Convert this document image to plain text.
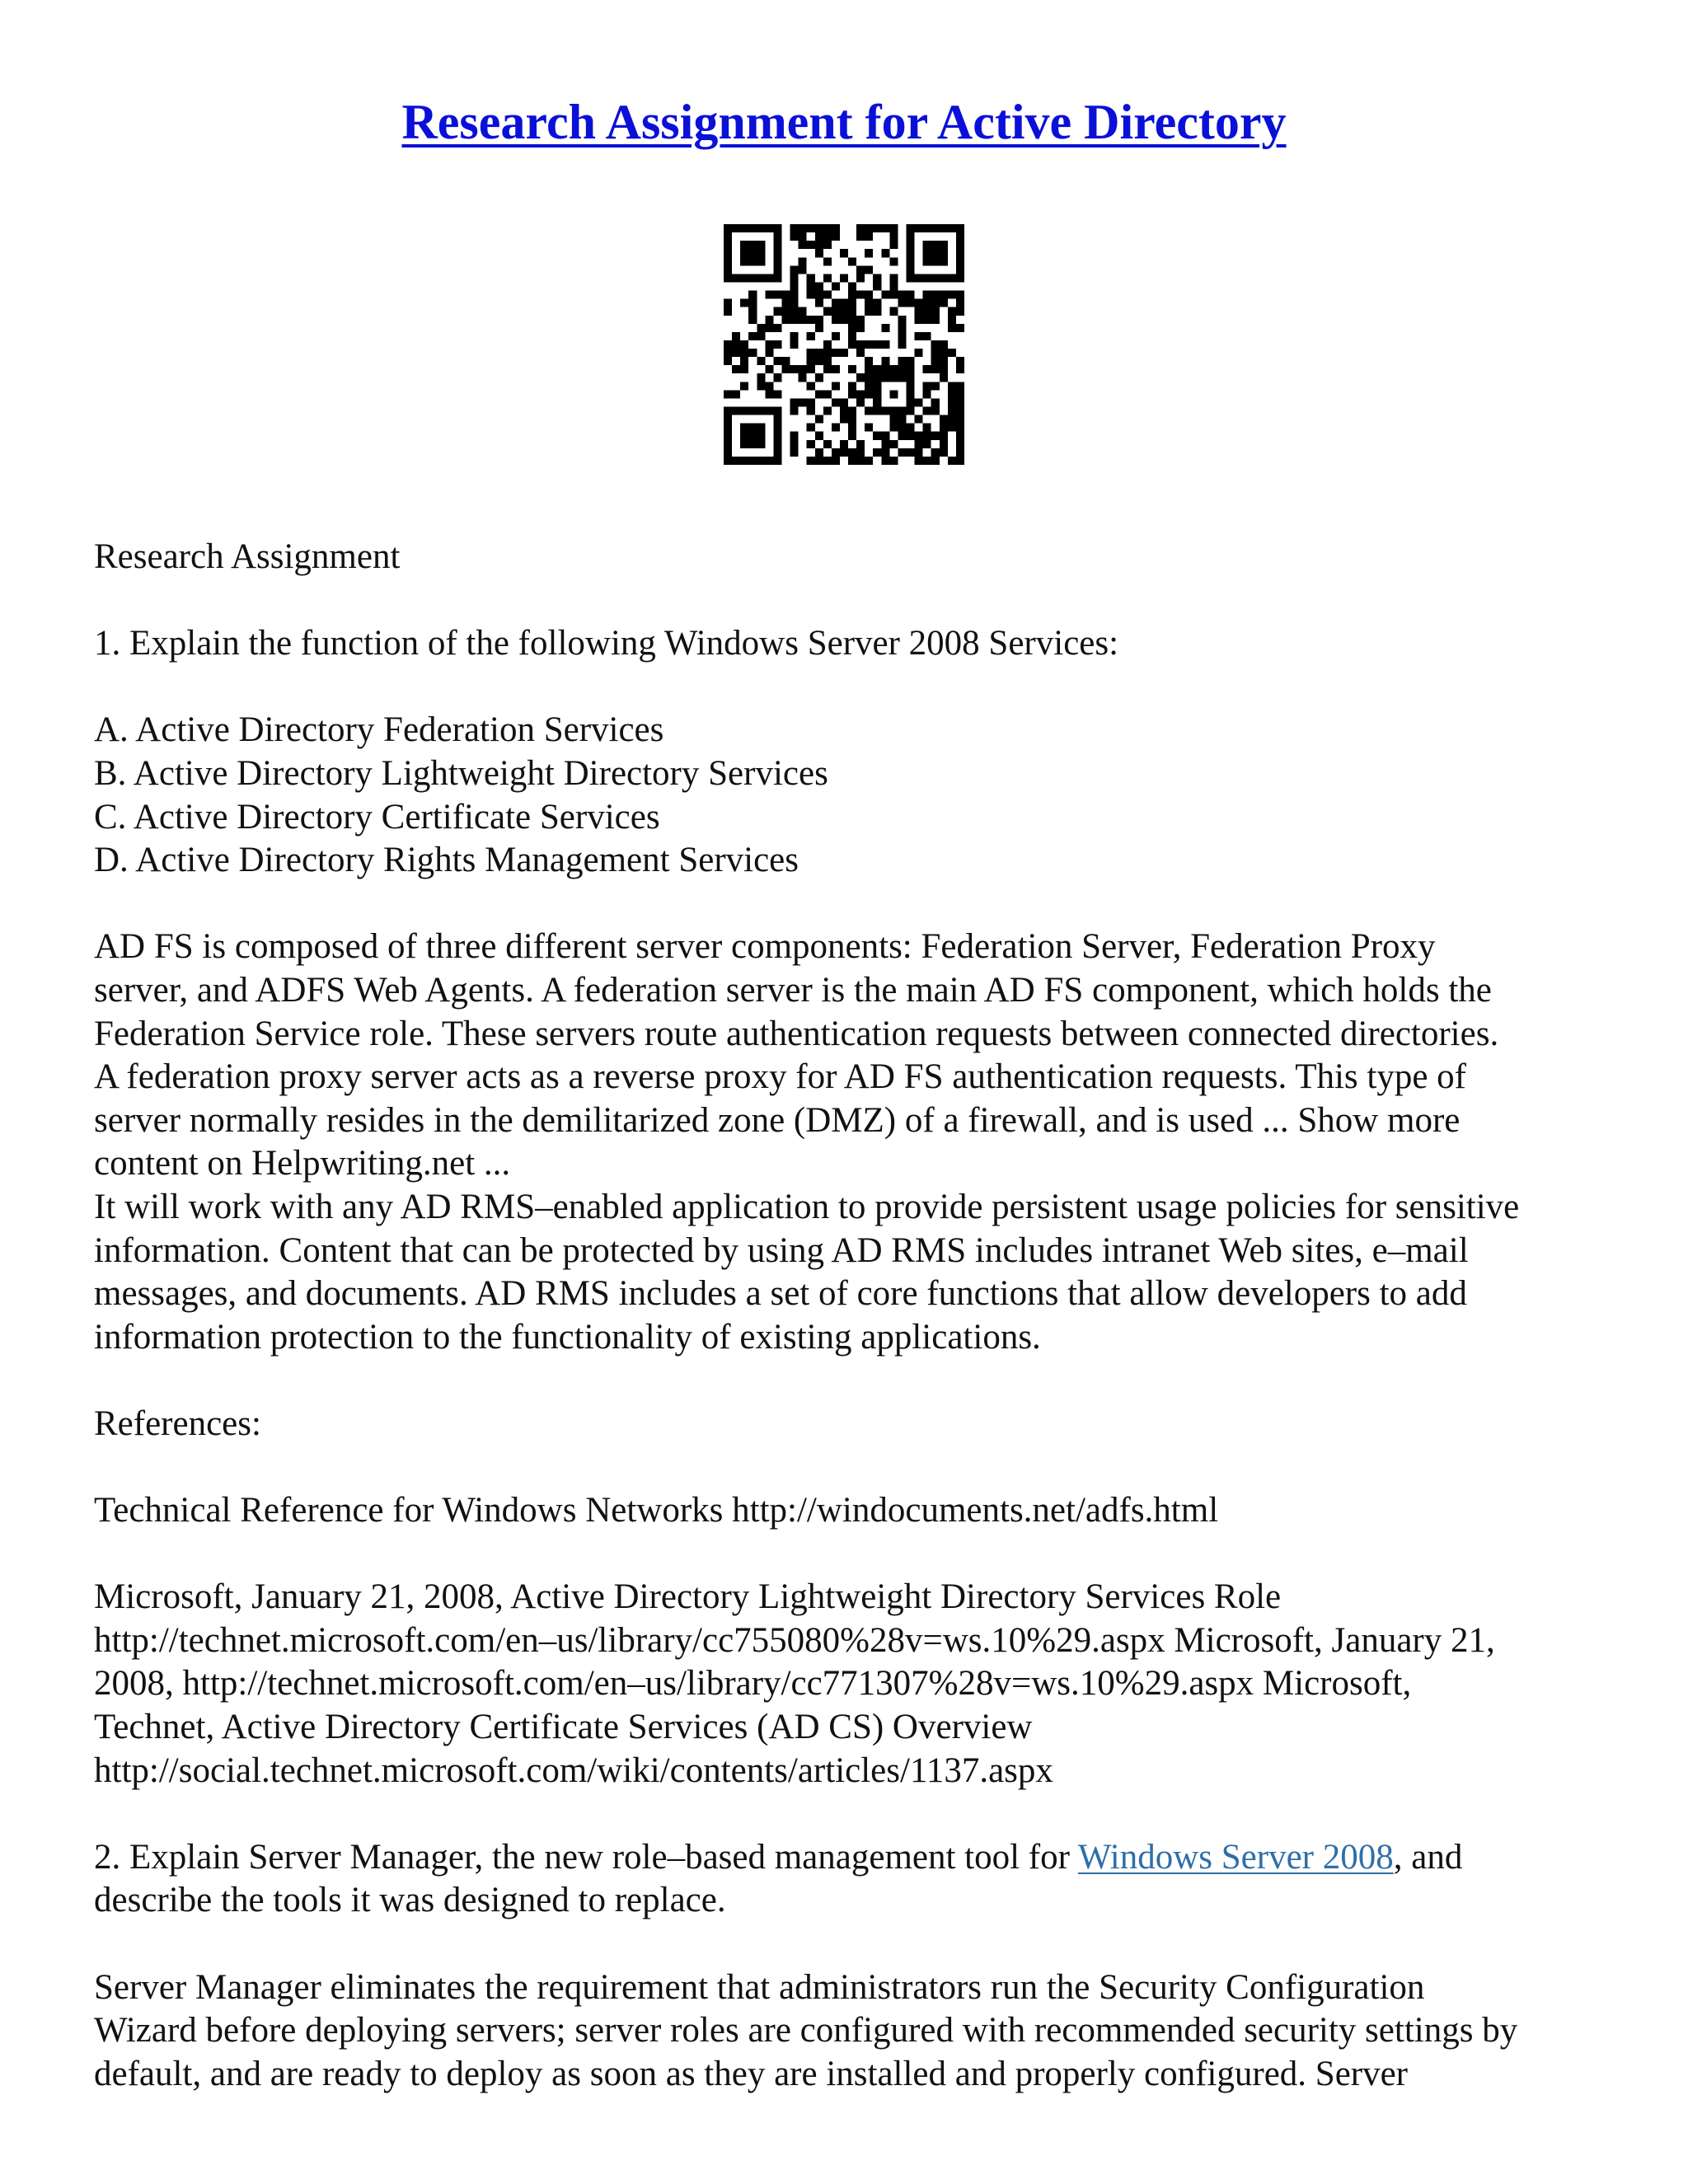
Research Assignment for Active Directory

Research Assignment

1. Explain the function of the following Windows Server 2008 Services:

A. Active Directory Federation Services

B. Active Directory Lightweight Directory Services

C. Active Directory Certificate Services

D. Active Directory Rights Management Services

AD FS is composed of three different server components: Federation Server, Federation Proxy

server, and ADFS Web Agents. A federation server is the main AD FS component, which holds the

Federation Service role. These servers route authentication requests between connected directories.

A federation proxy server acts as a reverse proxy for AD FS authentication requests. This type of

server normally resides in the demilitarized zone (DMZ) of a firewall, and is used ... Show more

content on Helpwriting.net ...

It will work with any AD RMS–enabled application to provide persistent usage policies for sensitive

information. Content that can be protected by using AD RMS includes intranet Web sites, e–mail

messages, and documents. AD RMS includes a set of core functions that allow developers to add

information protection to the functionality of existing applications.

References:

Technical Reference for Windows Networks http://windocuments.net/adfs.html

Microsoft, January 21, 2008, Active Directory Lightweight Directory Services Role

http://technet.microsoft.com/en–us/library/cc755080%28v=ws.10%29.aspx Microsoft, January 21,

2008, http://technet.microsoft.com/en–us/library/cc771307%28v=ws.10%29.aspx Microsoft,

Technet, Active Directory Certificate Services (AD CS) Overview

http://social.technet.microsoft.com/wiki/contents/articles/1137.aspx

2. Explain Server Manager, the new role–based management tool for Windows Server 2008, and

describe the tools it was designed to replace.

Server Manager eliminates the requirement that administrators run the Security Configuration

Wizard before deploying servers; server roles are configured with recommended security settings by

default, and are ready to deploy as soon as they are installed and properly configured. Server
